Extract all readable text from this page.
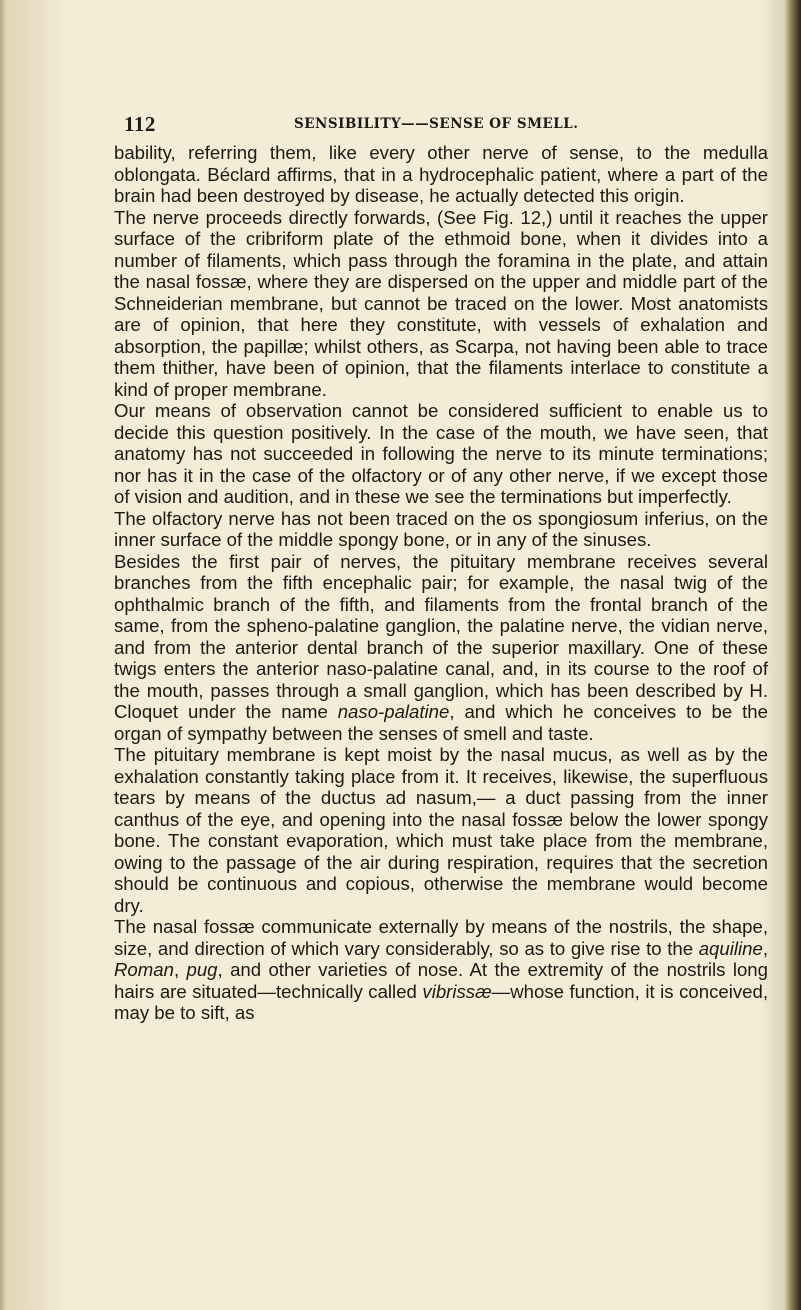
112	SENSIBILITY——SENSE OF SMELL.

bability, referring them, like every other nerve of sense, to the medulla oblongata. Béclard affirms, that in a hydrocephalic patient, where a part of the brain had been destroyed by disease, he actually detected this origin.

The nerve proceeds directly forwards, (See Fig. 12,) until it reaches the upper surface of the cribriform plate of the ethmoid bone, when it divides into a number of filaments, which pass through the foramina in the plate, and attain the nasal fossæ, where they are dispersed on the upper and middle part of the Schneiderian membrane, but cannot be traced on the lower. Most anatomists are of opinion, that here they constitute, with vessels of exhalation and absorption, the papillæ; whilst others, as Scarpa, not having been able to trace them thither, have been of opinion, that the filaments interlace to constitute a kind of proper membrane.

Our means of observation cannot be considered sufficient to enable us to decide this question positively. In the case of the mouth, we have seen, that anatomy has not succeeded in following the nerve to its minute terminations; nor has it in the case of the olfactory or of any other nerve, if we except those of vision and audition, and in these we see the terminations but imperfectly.

The olfactory nerve has not been traced on the os spongiosum inferius, on the inner surface of the middle spongy bone, or in any of the sinuses.

Besides the first pair of nerves, the pituitary membrane receives several branches from the fifth encephalic pair; for example, the nasal twig of the ophthalmic branch of the fifth, and filaments from the frontal branch of the same, from the spheno-palatine ganglion, the palatine nerve, the vidian nerve, and from the anterior dental branch of the superior maxillary. One of these twigs enters the anterior naso-palatine canal, and, in its course to the roof of the mouth, passes through a small ganglion, which has been described by H. Cloquet under the name naso-palatine, and which he conceives to be the organ of sympathy between the senses of smell and taste.

The pituitary membrane is kept moist by the nasal mucus, as well as by the exhalation constantly taking place from it. It receives, likewise, the superfluous tears by means of the ductus ad nasum,— a duct passing from the inner canthus of the eye, and opening into the nasal fossæ below the lower spongy bone. The constant evaporation, which must take place from the membrane, owing to the passage of the air during respiration, requires that the secretion should be continuous and copious, otherwise the membrane would become dry.

The nasal fossæ communicate externally by means of the nostrils, the shape, size, and direction of which vary considerably, so as to give rise to the aquiline, Roman, pug, and other varieties of nose. At the extremity of the nostrils long hairs are situated—technically called vibrissæ—whose function, it is conceived, may be to sift, as
